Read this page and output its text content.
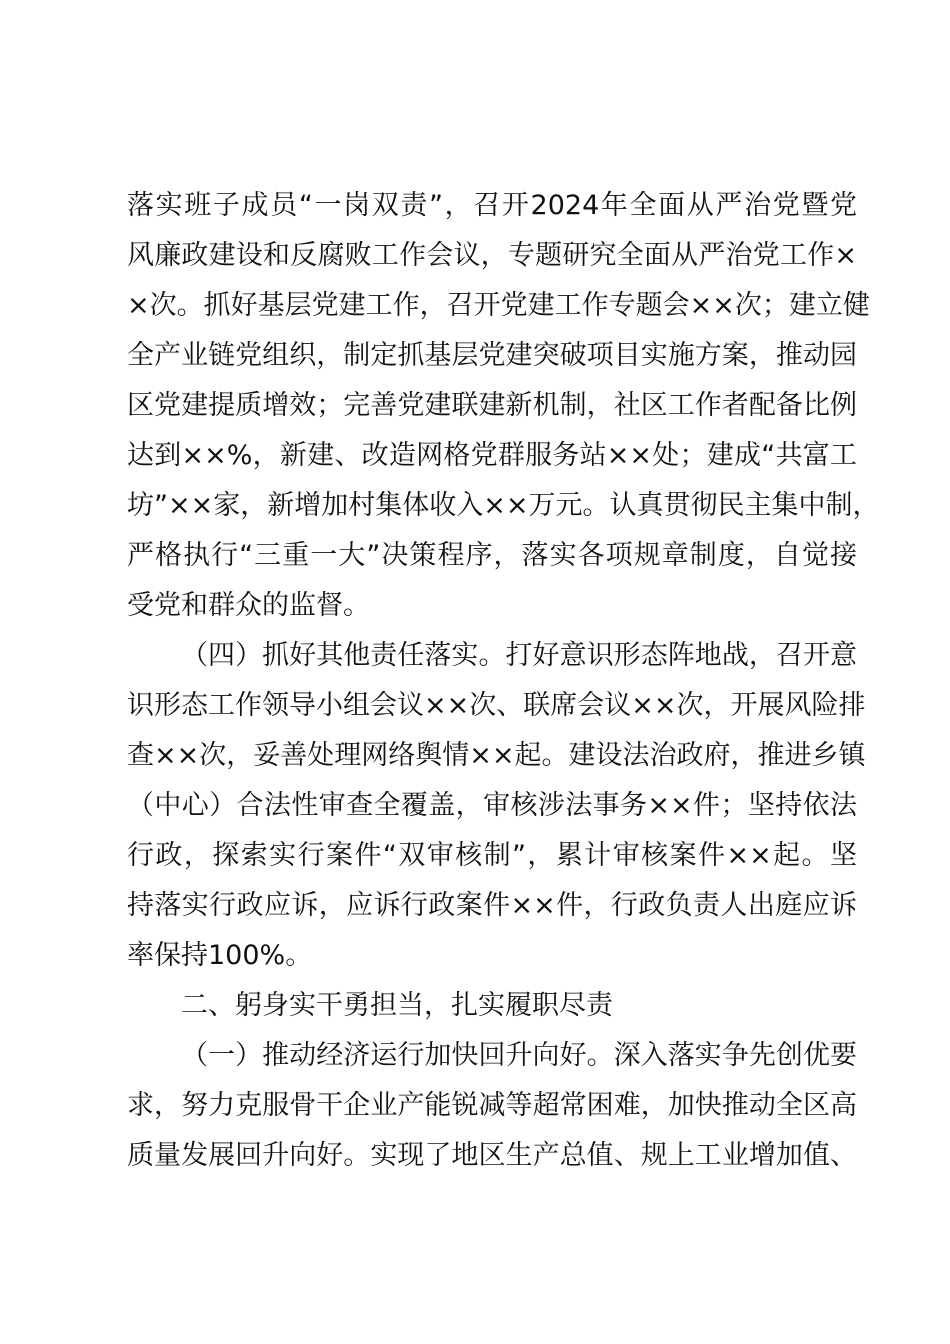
落实班子成员“一岗双责”，召开2024年全面从严治党暨党
风廉政建设和反腐败工作会议，专题研究全面从严治党工作×
×次。抓好基层党建工作，召开党建工作专题会××次；建立健
全产业链党组织，制定抓基层党建突破项目实施方案，推动园
区党建提质增效；完善党建联建新机制，社区工作者配备比例
达到××%，新建、改造网格党群服务站××处；建成“共富工
坊”××家，新增加村集体收入××万元。认真贯彻民主集中制，
严格执行“三重一大”决策程序，落实各项规章制度，自觉接
受党和群众的监督。
（四）抓好其他责任落实。打好意识形态阵地战，召开意
识形态工作领导小组会议××次、联席会议××次，开展风险排
查××次，妥善处理网络舆情××起。建设法治政府，推进乡镇
（中心）合法性审查全覆盖，审核涉法事务××件；坚持依法
行政，探索实行案件“双审核制”，累计审核案件××起。坚
持落实行政应诉，应诉行政案件××件，行政负责人出庭应诉
率保持100%。
二、躬身实干勇担当，扎实履职尽责
（一）推动经济运行加快回升向好。深入落实争先创优要
求，努力克服骨干企业产能锐减等超常困难，加快推动全区高
质量发展回升向好。实现了地区生产总值、规上工业增加值、
